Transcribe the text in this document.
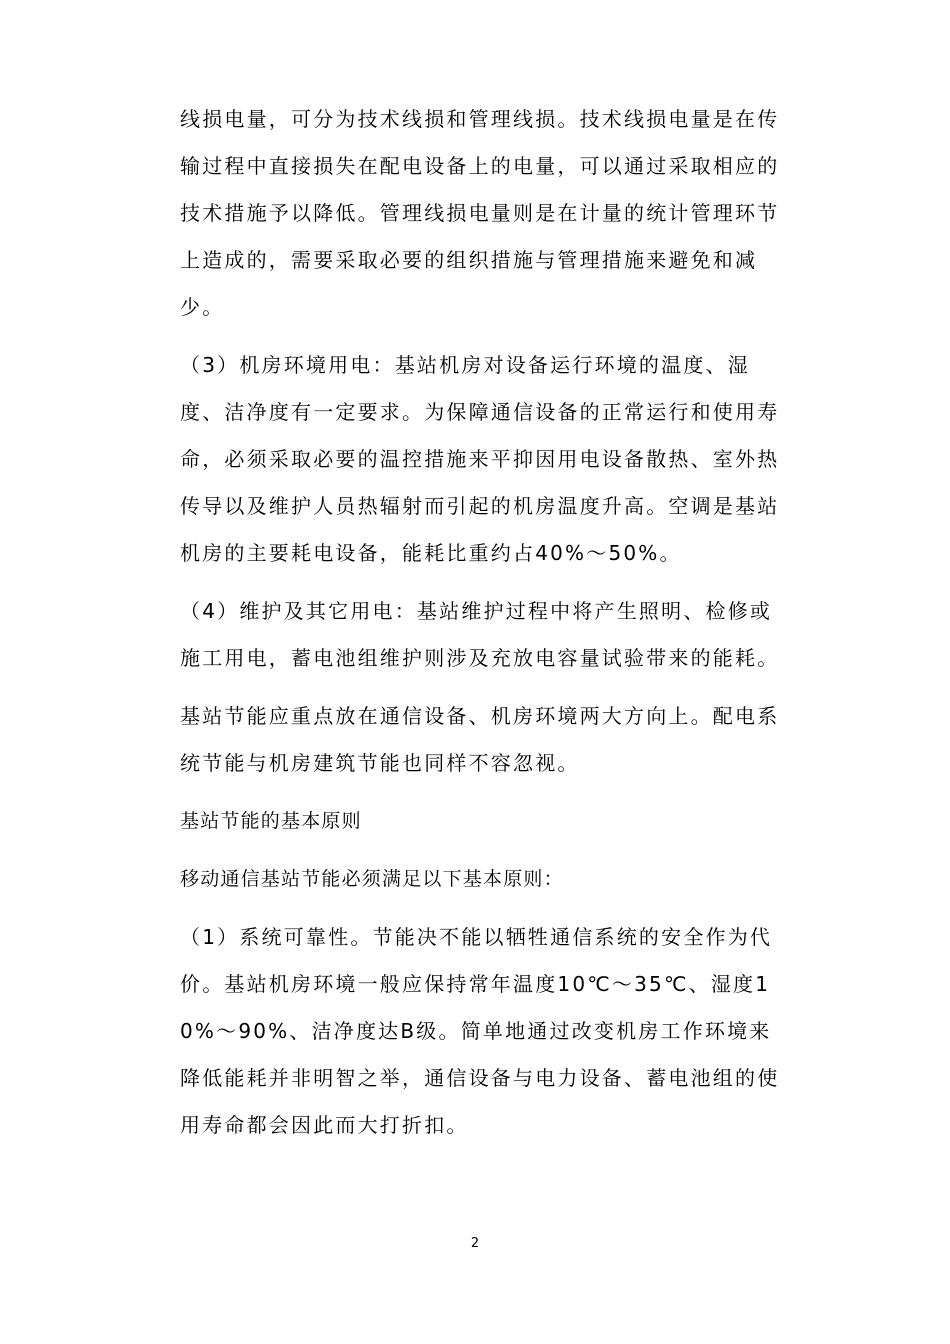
线损电量，可分为技术线损和管理线损。技术线损电量是在传输过程中直接损失在配电设备上的电量，可以通过采取相应的技术措施予以降低。管理线损电量则是在计量的统计管理环节上造成的，需要采取必要的组织措施与管理措施来避免和减少。

（3）机房环境用电：基站机房对设备运行环境的温度、湿度、洁净度有一定要求。为保障通信设备的正常运行和使用寿命，必须采取必要的温控措施来平抑因用电设备散热、室外热传导以及维护人员热辐射而引起的机房温度升高。空调是基站机房的主要耗电设备，能耗比重约占40%～50%。

（4）维护及其它用电：基站维护过程中将产生照明、检修或施工用电，蓄电池组维护则涉及充放电容量试验带来的能耗。

基站节能应重点放在通信设备、机房环境两大方向上。配电系统节能与机房建筑节能也同样不容忽视。

基站节能的基本原则

移动通信基站节能必须满足以下基本原则：

（1）系统可靠性。节能决不能以牺牲通信系统的安全作为代价。基站机房环境一般应保持常年温度10℃～35℃、湿度10%～90%、洁净度达B级。简单地通过改变机房工作环境来降低能耗并非明智之举，通信设备与电力设备、蓄电池组的使用寿命都会因此而大打折扣。

2
